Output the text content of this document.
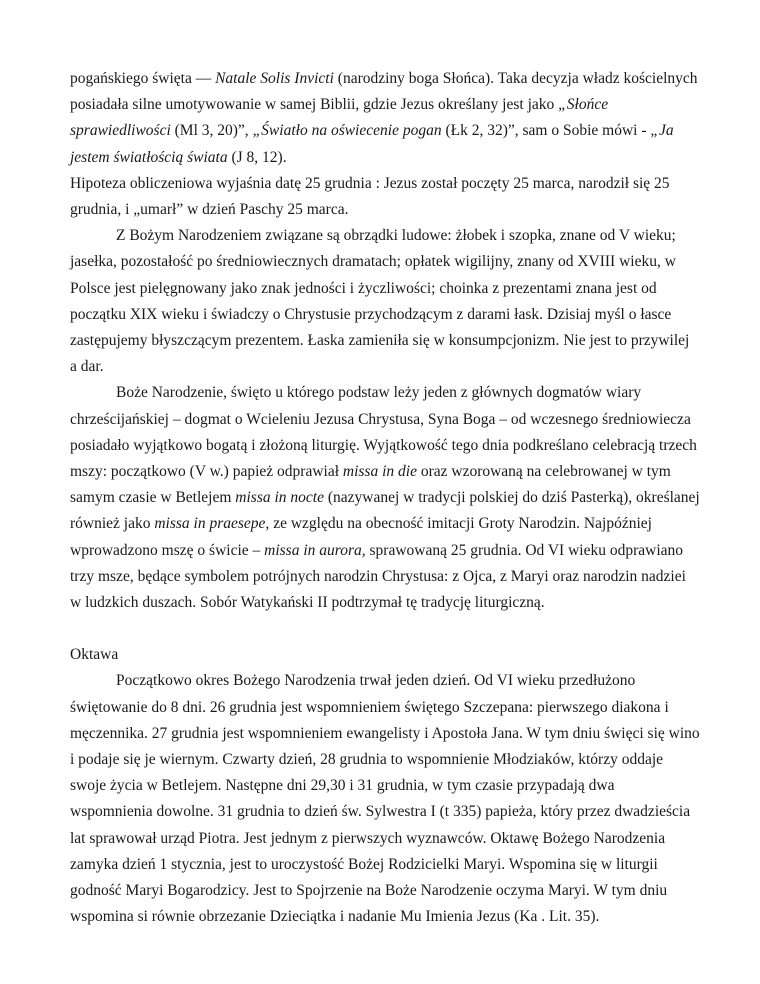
pogańskiego święta — Natale Solis Invicti (narodziny boga Słońca). Taka decyzja władz kościelnych posiadała silne umotywowanie w samej Biblii, gdzie Jezus określany jest jako „Słońce sprawiedliwości (Ml 3, 20)”, „Światło na oświecenie pogan (Łk 2, 32)”, sam o Sobie mówi - „Ja jestem światłością świata (J 8, 12).

Hipoteza obliczeniowa wyjaśnia datę 25 grudnia : Jezus został poczęty 25 marca, narodził się 25 grudnia, i „umarł” w dzień Paschy 25 marca.

Z Bożym Narodzeniem związane są obrządki ludowe: żłobek i szopka, znane od V wieku; jasełka, pozostałość po średniowiecznych dramatach; opłatek wigilijny, znany od XVIII wieku, w Polsce jest pielęgnowany jako znak jedności i życzliwości; choinka z prezentami znana jest od początku XIX wieku i świadczy o Chrystusie przychodzącym z darami łask. Dzisiaj myśl o łasce zastępujemy błyszczącym prezentem. Łaska zamieniła się w konsumpcjonizm. Nie jest to przywilej a dar.

Boże Narodzenie, święto u którego podstaw leży jeden z głównych dogmatów wiary chrześcijańskiej – dogmat o Wcieleniu Jezusa Chrystusa, Syna Boga – od wczesnego średniowiecza posiadało wyjątkowo bogatą i złożoną liturgię. Wyjątkowość tego dnia podkreślano celebracją trzech mszy: początkowo (V w.) papież odprawiał missa in die oraz wzorowaną na celebrowanej w tym samym czasie w Betlejem missa in nocte (nazywanej w tradycji polskiej do dziś Pasterką), określanej również jako missa in praesepe, ze względu na obecność imitacji Groty Narodzin. Najpóźniej wprowadzono mszę o świcie – missa in aurora, sprawowaną 25 grudnia. Od VI wieku odprawiano trzy msze, będące symbolem potrójnych narodzin Chrystusa: z Ojca, z Maryi oraz narodzin nadziei w ludzkich duszach. Sobór Watykański II podtrzymał tę tradycję liturgiczną.

Oktawa

Początkowo okres Bożego Narodzenia trwał jeden dzień. Od VI wieku przedłużono świętowanie do 8 dni. 26 grudnia jest wspomnieniem świętego Szczepana: pierwszego diakona i męczennika. 27 grudnia jest wspomnieniem ewangelisty i Apostoła Jana. W tym dniu święci się wino i podaje się je wiernym. Czwarty dzień, 28 grudnia to wspomnienie Młodziaków, którzy oddaje swoje życia w Betlejem. Następne dni 29,30 i 31 grudnia, w tym czasie przypadają dwa wspomnienia dowolne. 31 grudnia to dzień św. Sylwestra I (t 335) papieża, który przez dwadzieścia lat sprawował urząd Piotra. Jest jednym z pierwszych wyznawców. Oktawę Bożego Narodzenia zamyka dzień 1 stycznia, jest to uroczystość Bożej Rodzicielki Maryi. Wspomina się w liturgii godność Maryi Bogarodzicy. Jest to Spojrzenie na Boże Narodzenie oczyma Maryi. W tym dniu wspomina si równie obrzezanie Dzieciątka i nadanie Mu Imienia Jezus (Ka . Lit. 35).
